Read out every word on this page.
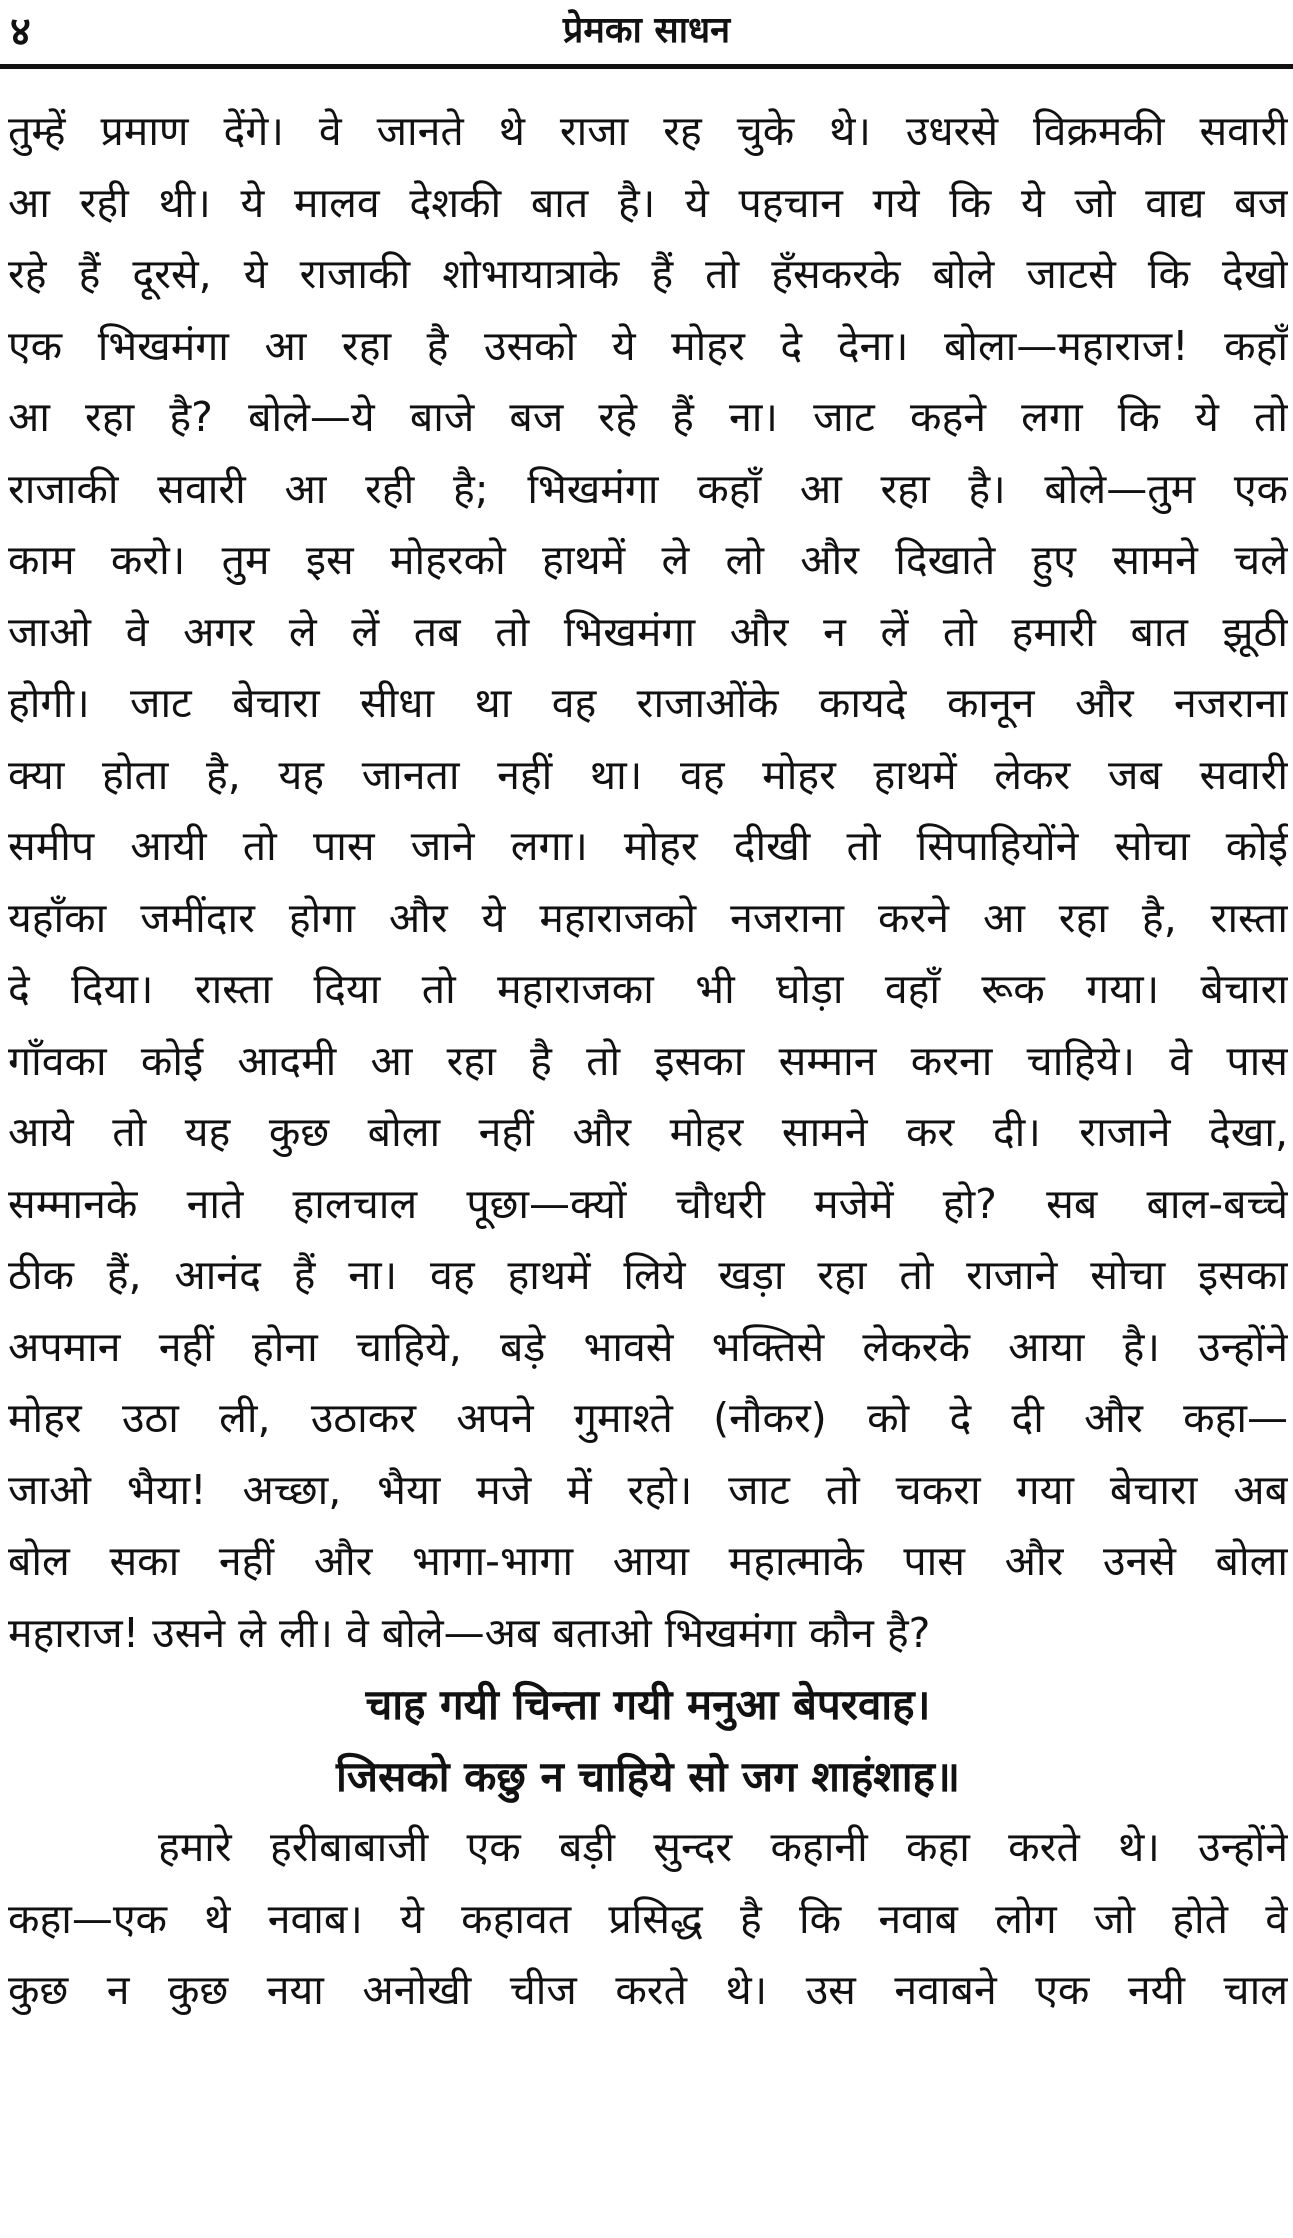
४	प्रेमका साधन
तुम्हें प्रमाण देंगे। वे जानते थे राजा रह चुके थे। उधरसे विक्रमकी सवारी
आ रही थी। ये मालव देशकी बात है। ये पहचान गये कि ये जो वाद्य बज
रहे हैं दूरसे, ये राजाकी शोभायात्राके हैं तो हँसकरके बोले जाटसे कि देखो
एक भिखमंगा आ रहा है उसको ये मोहर दे देना। बोला—महाराज! कहाँ
आ रहा है? बोले—ये बाजे बज रहे हैं ना। जाट कहने लगा कि ये तो
राजाकी सवारी आ रही है; भिखमंगा कहाँ आ रहा है। बोले—तुम एक
काम करो। तुम इस मोहरको हाथमें ले लो और दिखाते हुए सामने चले
जाओ वे अगर ले लें तब तो भिखमंगा और न लें तो हमारी बात झूठी
होगी। जाट बेचारा सीधा था वह राजाओंके कायदे कानून और नजराना
क्या होता है, यह जानता नहीं था। वह मोहर हाथमें लेकर जब सवारी
समीप आयी तो पास जाने लगा। मोहर दीखी तो सिपाहियोंने सोचा कोई
यहाँका जमींदार होगा और ये महाराजको नजराना करने आ रहा है, रास्ता
दे दिया। रास्ता दिया तो महाराजका भी घोड़ा वहाँ रूक गया। बेचारा
गाँवका कोई आदमी आ रहा है तो इसका सम्मान करना चाहिये। वे पास
आये तो यह कुछ बोला नहीं और मोहर सामने कर दी। राजाने देखा,
सम्मानके नाते हालचाल पूछा—क्यों चौधरी मजेमें हो? सब बाल-बच्चे
ठीक हैं, आनंद हैं ना। वह हाथमें लिये खड़ा रहा तो राजाने सोचा इसका
अपमान नहीं होना चाहिये, बड़े भावसे भक्तिसे लेकरके आया है। उन्होंने
मोहर उठा ली, उठाकर अपने गुमाश्ते (नौकर) को दे दी और कहा—
जाओ भैया! अच्छा, भैया मजे में रहो। जाट तो चकरा गया बेचारा अब
बोल सका नहीं और भागा-भागा आया महात्माके पास और उनसे बोला
महाराज! उसने ले ली। वे बोले—अब बताओ भिखमंगा कौन है?
चाह गयी चिन्ता गयी मनुआ बेपरवाह।
जिसको कछु न चाहिये सो जग शाहंशाह॥
हमारे हरीबाबाजी एक बड़ी सुन्दर कहानी कहा करते थे। उन्होंने
कहा—एक थे नवाब। ये कहावत प्रसिद्ध है कि नवाब लोग जो होते वे
कुछ न कुछ नया अनोखी चीज करते थे। उस नवाबने एक नयी चाल
